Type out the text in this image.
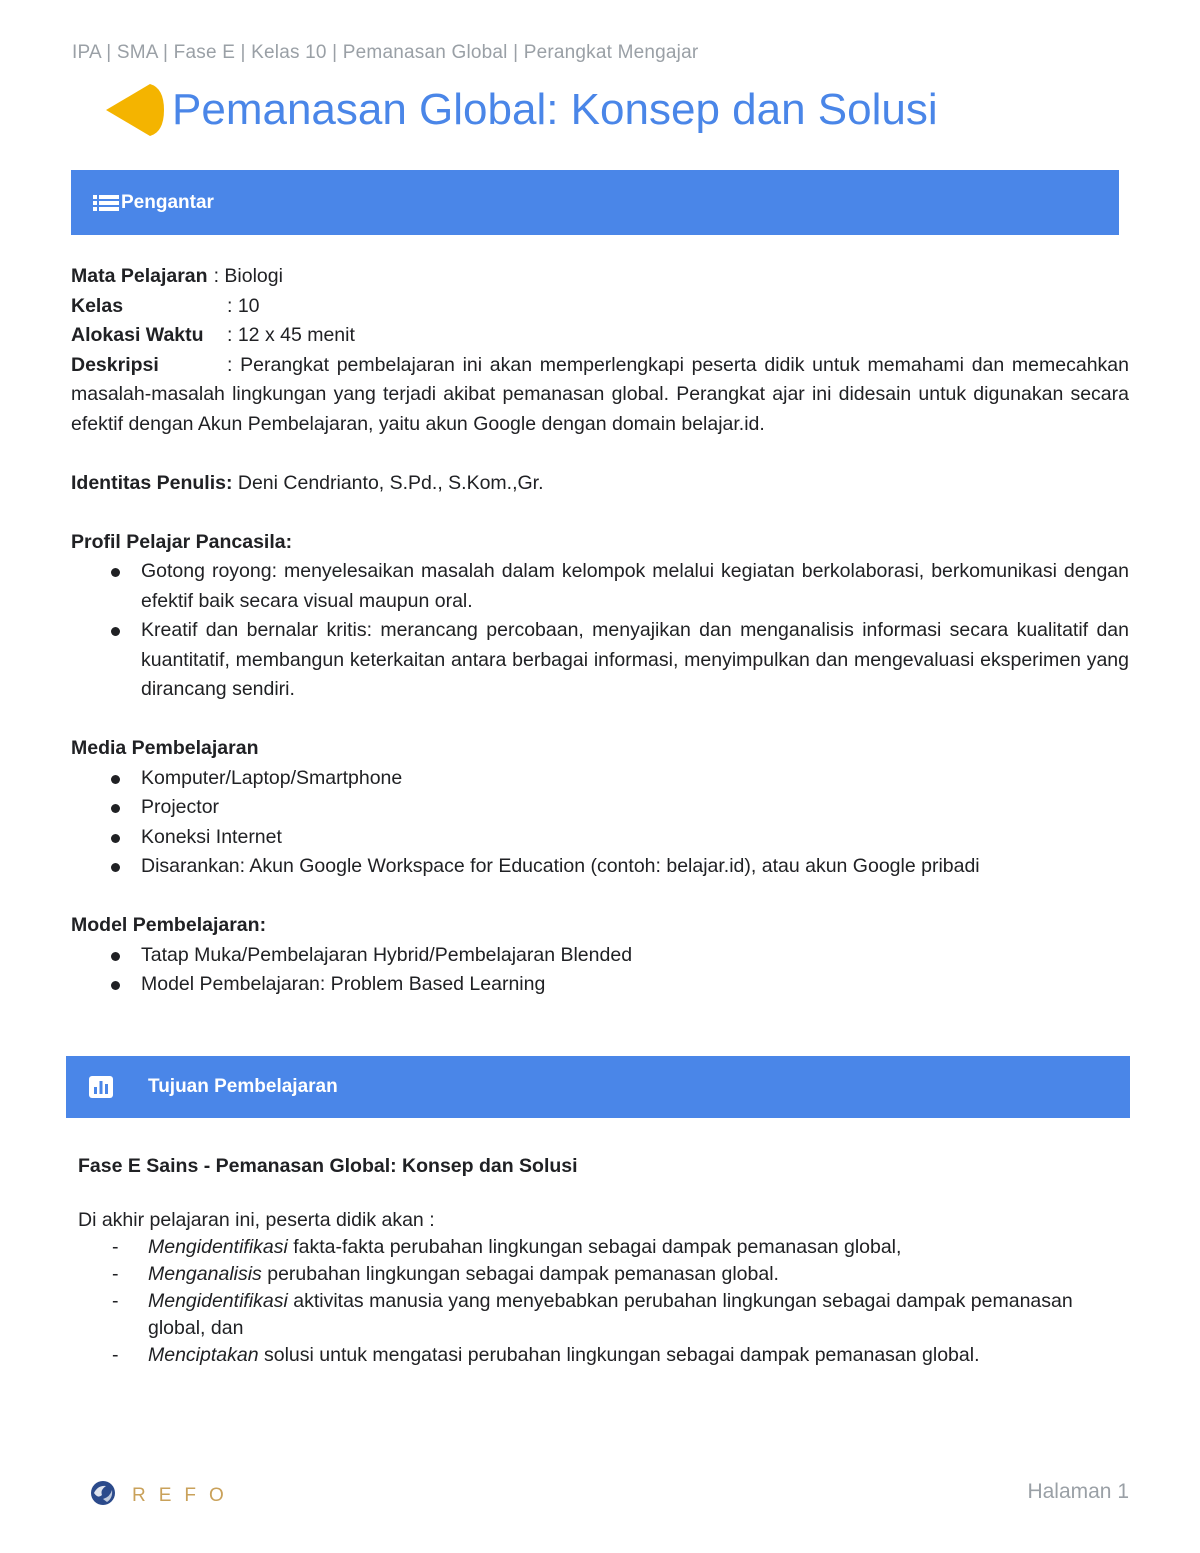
IPA | SMA | Fase E | Kelas 10 | Pemanasan Global | Perangkat Mengajar
Pemanasan Global: Konsep dan Solusi
Pengantar
Mata Pelajaran : Biologi
Kelas	: 10
Alokasi Waktu	: 12 x 45 menit

Deskripsi	: Perangkat pembelajaran ini akan memperlengkapi peserta didik untuk memahami dan memecahkan masalah-masalah lingkungan yang terjadi akibat pemanasan global. Perangkat ajar ini didesain untuk digunakan secara efektif dengan Akun Pembelajaran, yaitu akun Google dengan domain belajar.id.

Identitas Penulis: Deni Cendrianto, S.Pd., S.Kom.,Gr.

Profil Pelajar Pancasila:

Gotong royong: menyelesaikan masalah dalam kelompok melalui kegiatan berkolaborasi, berkomunikasi dengan efektif baik secara visual maupun oral.
Kreatif dan bernalar kritis: merancang percobaan, menyajikan dan menganalisis informasi secara kualitatif dan kuantitatif, membangun keterkaitan antara berbagai informasi, menyimpulkan dan mengevaluasi eksperimen yang dirancang sendiri.

Media Pembelajaran

Komputer/Laptop/Smartphone
Projector
Koneksi Internet
Disarankan: Akun Google Workspace for Education (contoh: belajar.id), atau akun Google pribadi

Model Pembelajaran:

Tatap Muka/Pembelajaran Hybrid/Pembelajaran Blended
Model Pembelajaran: Problem Based Learning
Tujuan Pembelajaran

Fase E Sains - Pemanasan Global: Konsep dan Solusi

Di akhir pelajaran ini, peserta didik akan :

- Mengidentifikasi fakta-fakta perubahan lingkungan sebagai dampak pemanasan global,
- Menganalisis perubahan lingkungan sebagai dampak pemanasan global.
- Mengidentifikasi aktivitas manusia yang menyebabkan perubahan lingkungan sebagai dampak pemanasan global, dan
- Menciptakan solusi untuk mengatasi perubahan lingkungan sebagai dampak pemanasan global.
REFO	Halaman 1
